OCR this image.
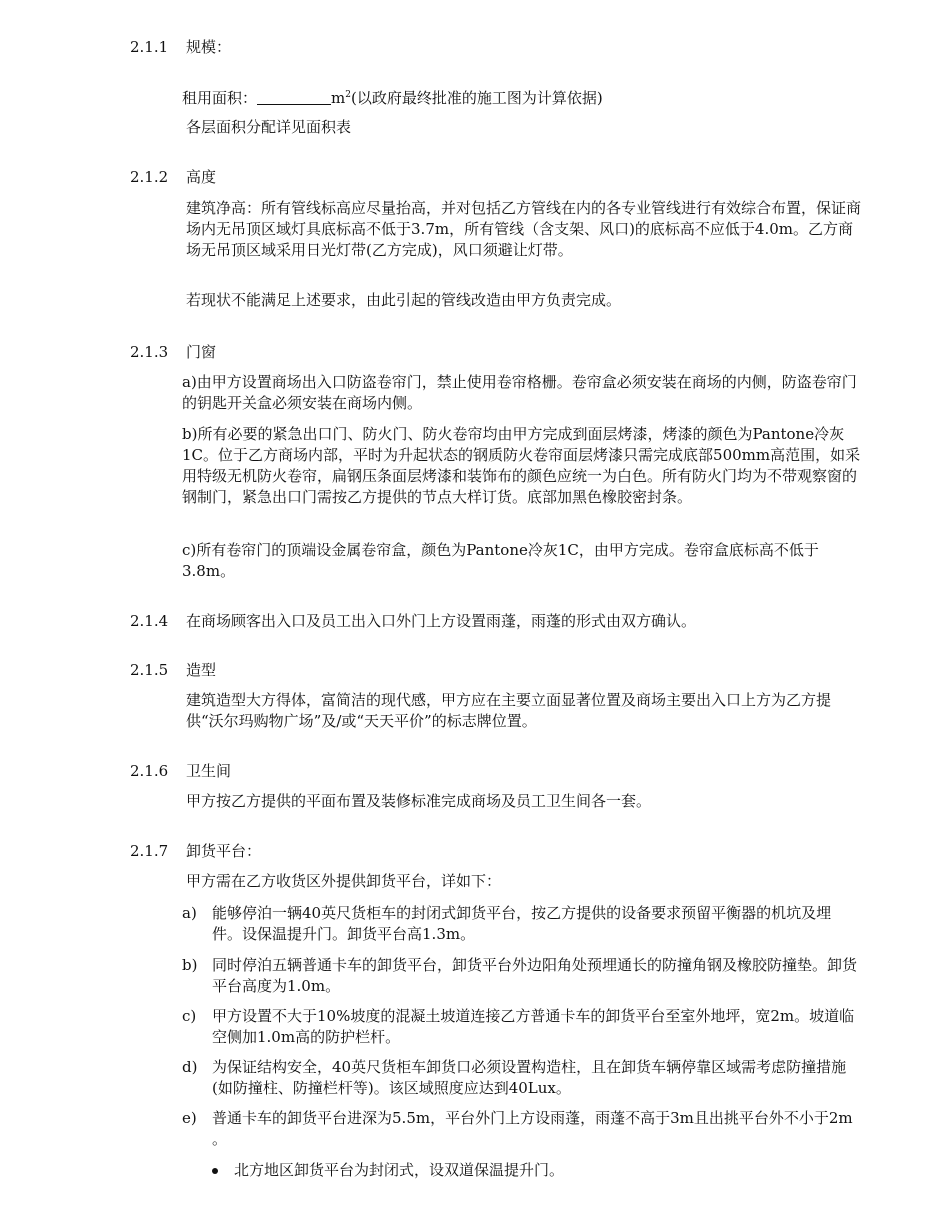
2.1.1 规模：

租用面积：	$m^2$(以政府最终批准的施工图为计算依据)

各层面积分配详见面积表

2.1.2 高度

建筑净高：所有管线标高应尽量抬高，并对包括乙方管线在内的各专业管线进行有效综合布置，保证商场内无吊顶区域灯具底标高不低于3.7m，所有管线（含支架、风口)的底标高不应低于4.0m。乙方商场无吊顶区域采用日光灯带(乙方完成)，风口须避让灯带。

若现状不能满足上述要求，由此引起的管线改造由甲方负责完成。

2.1.3 门窗

a)由甲方设置商场出入口防盗卷帘门，禁止使用卷帘格栅。卷帘盒必须安装在商场的内侧，防盗卷帘门的钥匙开关盒必须安装在商场内侧。

b)所有必要的紧急出口门、防火门、防火卷帘均由甲方完成到面层烤漆，烤漆的颜色为Pantone冷灰1C。位于乙方商场内部，平时为升起状态的钢质防火卷帘面层烤漆只需完成底部500mm高范围，如采用特级无机防火卷帘，扁钢压条面层烤漆和装饰布的颜色应统一为白色。所有防火门均为不带观察窗的钢制门，紧急出口门需按乙方提供的节点大样订货。底部加黑色橡胶密封条。

c)所有卷帘门的顶端设金属卷帘盒，颜色为Pantone冷灰1C，由甲方完成。卷帘盒底标高不低于3.8m。

2.1.4 在商场顾客出入口及员工出入口外门上方设置雨蓬，雨蓬的形式由双方确认。
2.1.5 造型

建筑造型大方得体，富简洁的现代感，甲方应在主要立面显著位置及商场主要出入口上方为乙方提供“沃尔玛购物广场”及/或“天天平价”的标志牌位置。

2.1.6 卫生间

甲方按乙方提供的平面布置及装修标准完成商场及员工卫生间各一套。

2.1.7 卸货平台：

甲方需在乙方收货区外提供卸货平台，详如下：

a) 能够停泊一辆40英尺货柜车的封闭式卸货平台，按乙方提供的设备要求预留平衡器的机坑及埋件。设保温提升门。卸货平台高1.3m。

b) 同时停泊五辆普通卡车的卸货平台，卸货平台外边阳角处预埋通长的防撞角钢及橡胶防撞垫。卸货平台高度为1.0m。

c) 甲方设置不大于10%坡度的混凝土坡道连接乙方普通卡车的卸货平台至室外地坪，宽2m。坡道临空侧加1.0m高的防护栏杆。

d) 为保证结构安全，40英尺货柜车卸货口必须设置构造柱，且在卸货车辆停靠区域需考虑防撞措施(如防撞柱、防撞栏杆等)。该区域照度应达到40Lux。

e) 普通卡车的卸货平台进深为5.5m，平台外门上方设雨蓬，雨蓬不高于3m且出挑平台外不小于2m 。

北方地区卸货平台为封闭式，设双道保温提升门。
